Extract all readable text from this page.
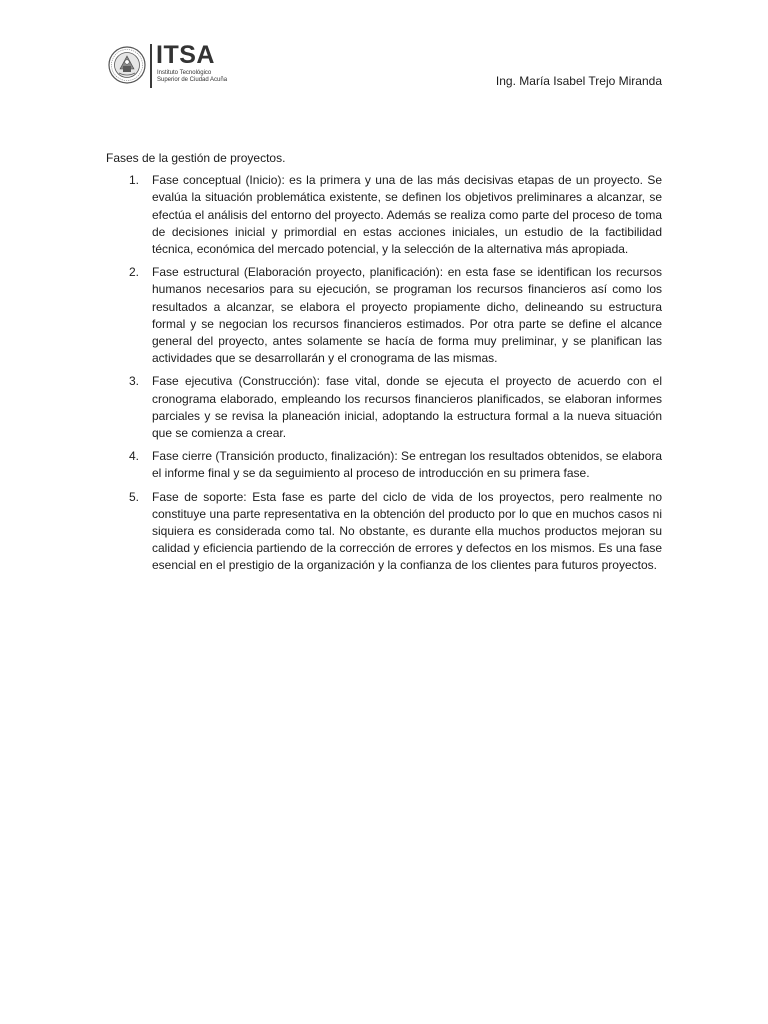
ITSA
Instituto Tecnológico
Superior de Ciudad Acuña	Ing. María Isabel Trejo Miranda

Fases de la gestión de proyectos.

1. Fase conceptual (Inicio): es la primera y una de las más decisivas etapas de un proyecto. Se evalúa la situación problemática existente, se definen los objetivos preliminares a alcanzar, se efectúa el análisis del entorno del proyecto. Además se realiza como parte del proceso de toma de decisiones inicial y primordial en estas acciones iniciales, un estudio de la factibilidad técnica, económica del mercado potencial, y la selección de la alternativa más apropiada.
2. Fase estructural (Elaboración proyecto, planificación): en esta fase se identifican los recursos humanos necesarios para su ejecución, se programan los recursos financieros así como los resultados a alcanzar, se elabora el proyecto propiamente dicho, delineando su estructura formal y se negocian los recursos financieros estimados. Por otra parte se define el alcance general del proyecto, antes solamente se hacía de forma muy preliminar, y se planifican las actividades que se desarrollarán y el cronograma de las mismas.
3. Fase ejecutiva (Construcción): fase vital, donde se ejecuta el proyecto de acuerdo con el cronograma elaborado, empleando los recursos financieros planificados, se elaboran informes parciales y se revisa la planeación inicial, adoptando la estructura formal a la nueva situación que se comienza a crear.
4. Fase cierre (Transición producto, finalización): Se entregan los resultados obtenidos, se elabora el informe final y se da seguimiento al proceso de introducción en su primera fase.
5. Fase de soporte: Esta fase es parte del ciclo de vida de los proyectos, pero realmente no constituye una parte representativa en la obtención del producto por lo que en muchos casos ni siquiera es considerada como tal. No obstante, es durante ella muchos productos mejoran su calidad y eficiencia partiendo de la corrección de errores y defectos en los mismos. Es una fase esencial en el prestigio de la organización y la confianza de los clientes para futuros proyectos.
